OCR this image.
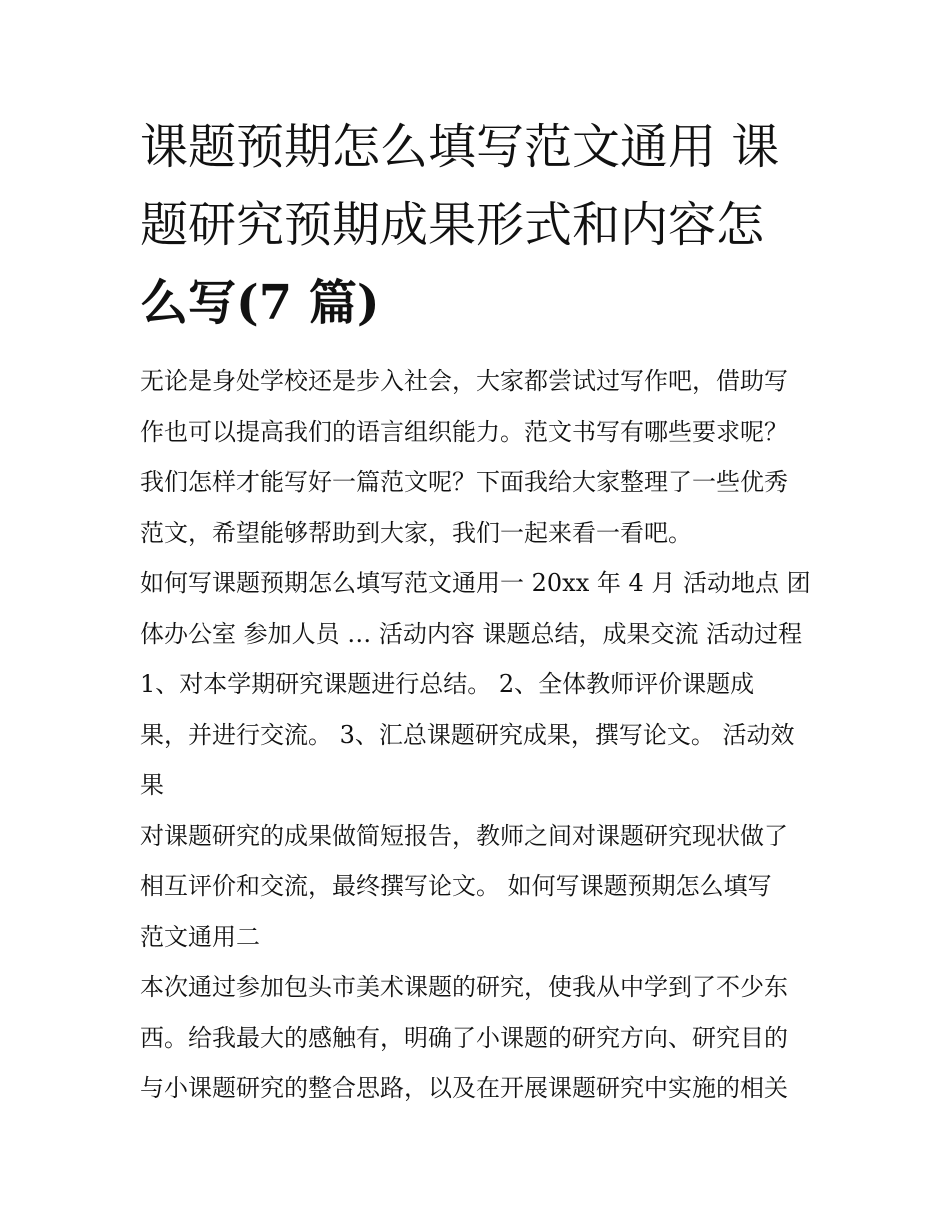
课题预期怎么填写范文通用 课
题研究预期成果形式和内容怎
么写(7 篇)
无论是身处学校还是步入社会，大家都尝试过写作吧，借助写
作也可以提高我们的语言组织能力。范文书写有哪些要求呢？
我们怎样才能写好一篇范文呢？下面我给大家整理了一些优秀
范文，希望能够帮助到大家，我们一起来看一看吧。
如何写课题预期怎么填写范文通用一 20xx 年 4 月 活动地点 团
体办公室 参加人员 … 活动内容 课题总结，成果交流 活动过程
1、对本学期研究课题进行总结。 2、全体教师评价课题成
果，并进行交流。 3、汇总课题研究成果，撰写论文。 活动效
果
对课题研究的成果做简短报告，教师之间对课题研究现状做了
相互评价和交流，最终撰写论文。 如何写课题预期怎么填写
范文通用二
本次通过参加包头市美术课题的研究，使我从中学到了不少东
西。给我最大的感触有，明确了小课题的研究方向、研究目的
与小课题研究的整合思路，以及在开展课题研究中实施的相关
